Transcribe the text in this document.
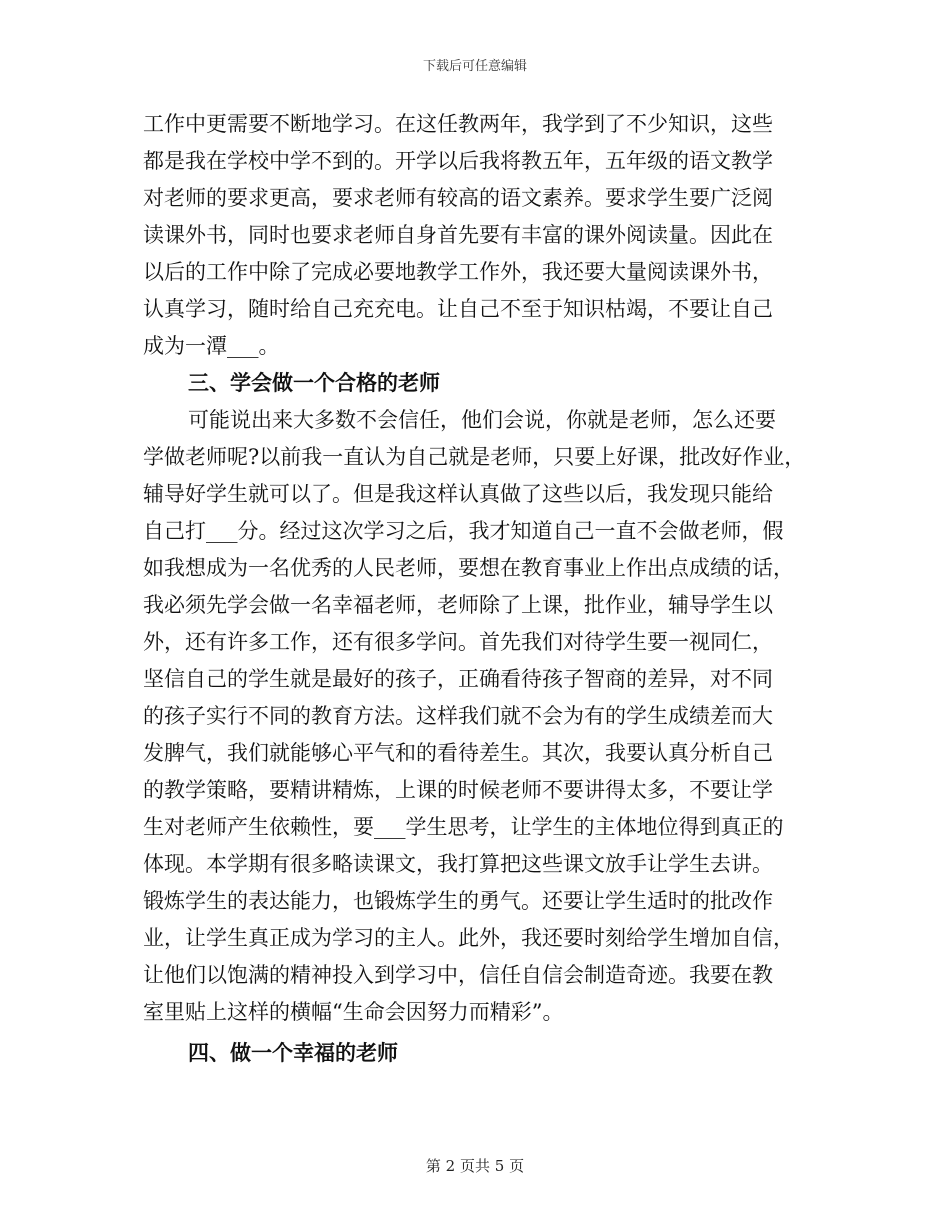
下载后可任意编辑
工作中更需要不断地学习。在这任教两年，我学到了不少知识，这些
都是我在学校中学不到的。开学以后我将教五年，五年级的语文教学
对老师的要求更高，要求老师有较高的语文素养。要求学生要广泛阅
读课外书，同时也要求老师自身首先要有丰富的课外阅读量。因此在
以后的工作中除了完成必要地教学工作外，我还要大量阅读课外书，
认真学习，随时给自己充充电。让自己不至于知识枯竭，不要让自己
成为一潭___。
三、学会做一个合格的老师
可能说出来大多数不会信任，他们会说，你就是老师，怎么还要
学做老师呢?以前我一直认为自己就是老师，只要上好课，批改好作业，
辅导好学生就可以了。但是我这样认真做了这些以后，我发现只能给
自己打___分。经过这次学习之后，我才知道自己一直不会做老师，假
如我想成为一名优秀的人民老师，要想在教育事业上作出点成绩的话，
我必须先学会做一名幸福老师，老师除了上课，批作业，辅导学生以
外，还有许多工作，还有很多学问。首先我们对待学生要一视同仁，
坚信自己的学生就是最好的孩子，正确看待孩子智商的差异，对不同
的孩子实行不同的教育方法。这样我们就不会为有的学生成绩差而大
发脾气，我们就能够心平气和的看待差生。其次，我要认真分析自己
的教学策略，要精讲精炼，上课的时候老师不要讲得太多，不要让学
生对老师产生依赖性，要___学生思考，让学生的主体地位得到真正的
体现。本学期有很多略读课文，我打算把这些课文放手让学生去讲。
锻炼学生的表达能力，也锻炼学生的勇气。还要让学生适时的批改作
业，让学生真正成为学习的主人。此外，我还要时刻给学生增加自信，
让他们以饱满的精神投入到学习中，信任自信会制造奇迹。我要在教
室里贴上这样的横幅“生命会因努力而精彩”。
四、做一个幸福的老师
第 2 页共 5 页
